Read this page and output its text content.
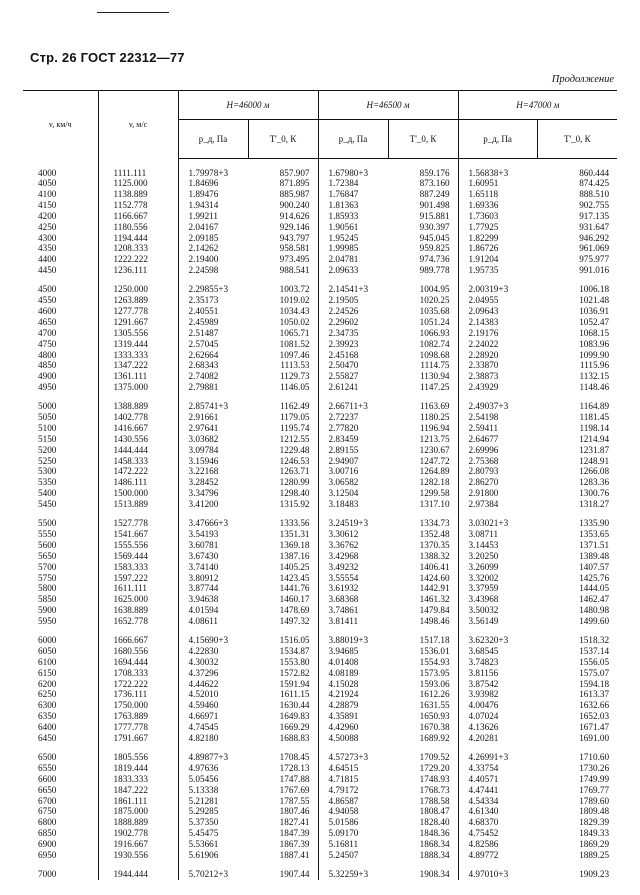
Стр. 26 ГОСТ 22312—77
Продолжение
v, км/ч	v, м/с	H=46000 м		H=46500 м		H=47000 м	
		p_д, Па	T'_0, К	p_д, Па	T'_0, К	p_д, Па	T'_0, К

4000	1111.111	1.79978+3	857.907	1.67980+3	859.176	1.56838+3	860.444
4050	1125.000	1.84696	871.895	1.72384	873.160	1.60951	874.425
4100	1138.889	1.89476	885.987	1.76847	887.249	1.65118	888.510
4150	1152.778	1.94314	900.240	1.81363	901.498	1.69336	902.755
4200	1166.667	1.99211	914.626	1.85933	915.881	1.73603	917.135
4250	1180.556	2.04167	929.146	1.90561	930.397	1.77925	931.647
4300	1194.444	2.09185	943.797	1.95245	945.045	1.82299	946.292
4350	1208.333	2.14262	958.581	1.99985	959.825	1.86726	961.069
4400	1222.222	2.19400	973.495	2.04781	974.736	1.91204	975.977
4450	1236.111	2.24598	988.541	2.09633	989.778	1.95735	991.016

4500	1250.000	2.29855+3	1003.72	2.14541+3	1004.95	2.00319+3	1006.18
4550	1263.889	2.35173	1019.02	2.19505	1020.25	2.04955	1021.48
4600	1277.778	2.40551	1034.43	2.24526	1035.68	2.09643	1036.91
4650	1291.667	2.45989	1050.02	2.29602	1051.24	2.14383	1052.47
4700	1305.556	2.51487	1065.71	2.34735	1066.93	2.19176	1068.15
4750	1319.444	2.57045	1081.52	2.39923	1082.74	2.24022	1083.96
4800	1333.333	2.62664	1097.46	2.45168	1098.68	2.28920	1099.90
4850	1347.222	2.68343	1113.53	2.50470	1114.75	2.33870	1115.96
4900	1361.111	2.74082	1129.73	2.55827	1130.94	2.38873	1132.15
4950	1375.000	2.79881	1146.05	2.61241	1147.25	2.43929	1148.46

5000	1388.889	2.85741+3	1162.49	2.66711+3	1163.69	2.49037+3	1164.89
5050	1402.778	2.91661	1179.05	2.72237	1180.25	2.54198	1181.45
5100	1416.667	2.97641	1195.74	2.77820	1196.94	2.59411	1198.14
5150	1430.556	3.03682	1212.55	2.83459	1213.75	2.64677	1214.94
5200	1444.444	3.09784	1229.48	2.89155	1230.67	2.69996	1231.87
5250	1458.333	3.15946	1246.53	2.94907	1247.72	2.75368	1248.91
5300	1472.222	3.22168	1263.71	3.00716	1264.89	2.80793	1266.08
5350	1486.111	3.28452	1280.99	3.06582	1282.18	2.86270	1283.36
5400	1500.000	3.34796	1298.40	3.12504	1299.58	2.91800	1300.76
5450	1513.889	3.41200	1315.92	3.18483	1317.10	2.97384	1318.27

5500	1527.778	3.47666+3	1333.56	3.24519+3	1334.73	3.03021+3	1335.90
5550	1541.667	3.54193	1351.31	3.30612	1352.48	3.08711	1353.65
5600	1555.556	3.60781	1369.18	3.36762	1370.35	3.14453	1371.51
5650	1569.444	3.67430	1387.16	3.42968	1388.32	3.20250	1389.48
5700	1583.333	3.74140	1405.25	3.49232	1406.41	3.26099	1407.57
5750	1597.222	3.80912	1423.45	3.55554	1424.60	3.32002	1425.76
5800	1611.111	3.87744	1441.76	3.61932	1442.91	3.37959	1444.05
5850	1625.000	3.94638	1460.17	3.68368	1461.32	3.43968	1462.47
5900	1638.889	4.01594	1478.69	3.74861	1479.84	3.50032	1480.98
5950	1652.778	4.08611	1497.32	3.81411	1498.46	3.56149	1499.60

6000	1666.667	4.15690+3	1516.05	3.88019+3	1517.18	3.62320+3	1518.32
6050	1680.556	4.22830	1534.87	3.94685	1536.01	3.68545	1537.14
6100	1694.444	4.30032	1553.80	4.01408	1554.93	3.74823	1556.05
6150	1708.333	4.37296	1572.82	4.08189	1573.95	3.81156	1575.07
6200	1722.222	4.44622	1591.94	4.15028	1593.06	3.87542	1594.18
6250	1736.111	4.52010	1611.15	4.21924	1612.26	3.93982	1613.37
6300	1750.000	4.59460	1630.44	4.28879	1631.55	4.00476	1632.66
6350	1763.889	4.66971	1649.83	4.35891	1650.93	4.07024	1652.03
6400	1777.778	4.74545	1669.29	4.42960	1670.38	4.13626	1671.47
6450	1791.667	4.82180	1688.83	4.50088	1689.92	4.20281	1691.00

6500	1805.556	4.89877+3	1708.45	4.57273+3	1709.52	4.26991+3	1710.60
6550	1819.444	4.97636	1728.13	4.64515	1729.20	4.33754	1730.26
6600	1833.333	5.05456	1747.88	4.71815	1748.93	4.40571	1749.99
6650	1847.222	5.13338	1767.69	4.79172	1768.73	4.47441	1769.77
6700	1861.111	5.21281	1787.55	4.86587	1788.58	4.54334	1789.60
6750	1875.000	5.29285	1807.46	4.94058	1808.47	4.61340	1809.48
6800	1888.889	5.37350	1827.41	5.01586	1828.40	4.68370	1829.39
6850	1902.778	5.45475	1847.39	5.09170	1848.36	4.75452	1849.33
6900	1916.667	5.53661	1867.39	5.16811	1868.34	4.82586	1869.29
6950	1930.556	5.61906	1887.41	5.24507	1888.34	4.89772	1889.25

7000	1944.444	5.70212+3	1907.44	5.32259+3	1908.34	4.97010+3	1909.23
